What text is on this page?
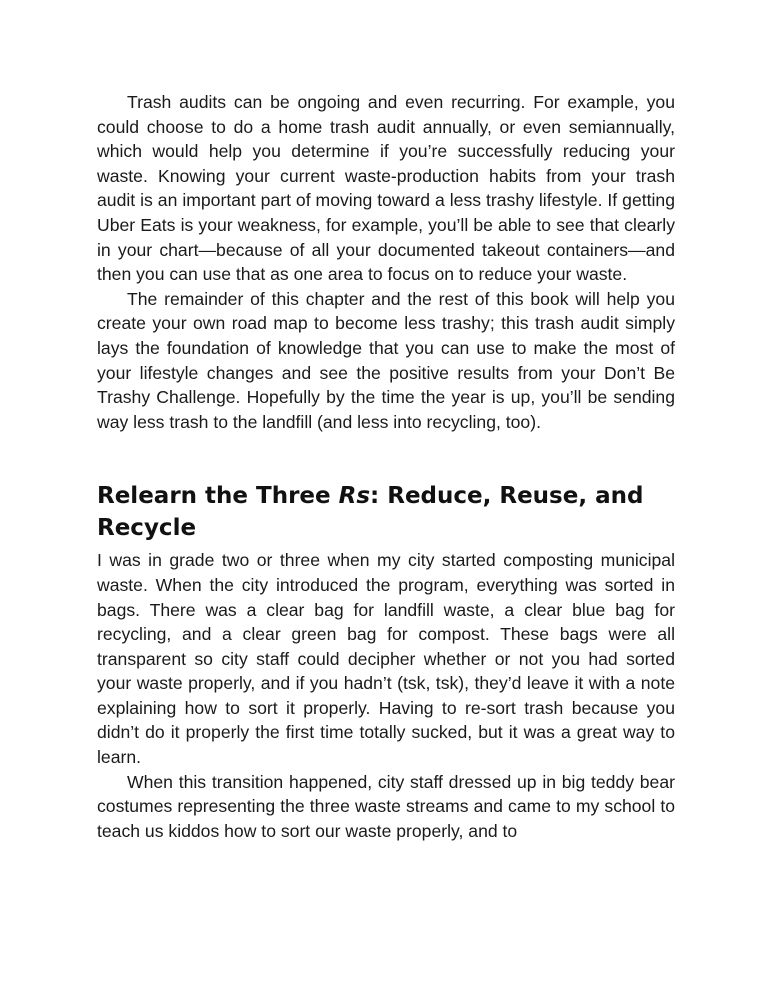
Trash audits can be ongoing and even recurring. For example, you could choose to do a home trash audit annually, or even semiannually, which would help you determine if you’re successfully reducing your waste. Knowing your current waste-production habits from your trash audit is an important part of moving toward a less trashy lifestyle. If getting Uber Eats is your weakness, for example, you’ll be able to see that clearly in your chart—because of all your documented takeout containers—and then you can use that as one area to focus on to reduce your waste.

The remainder of this chapter and the rest of this book will help you create your own road map to become less trashy; this trash audit simply lays the foundation of knowledge that you can use to make the most of your lifestyle changes and see the positive results from your Don’t Be Trashy Challenge. Hopefully by the time the year is up, you’ll be sending way less trash to the landfill (and less into recycling, too).

Relearn the Three Rs: Reduce, Reuse, and Recycle

I was in grade two or three when my city started composting municipal waste. When the city introduced the program, everything was sorted in bags. There was a clear bag for landfill waste, a clear blue bag for recycling, and a clear green bag for compost. These bags were all transparent so city staff could decipher whether or not you had sorted your waste properly, and if you hadn’t (tsk, tsk), they’d leave it with a note explaining how to sort it properly. Having to re-sort trash because you didn’t do it properly the first time totally sucked, but it was a great way to learn.

When this transition happened, city staff dressed up in big teddy bear costumes representing the three waste streams and came to my school to teach us kiddos how to sort our waste properly, and to
